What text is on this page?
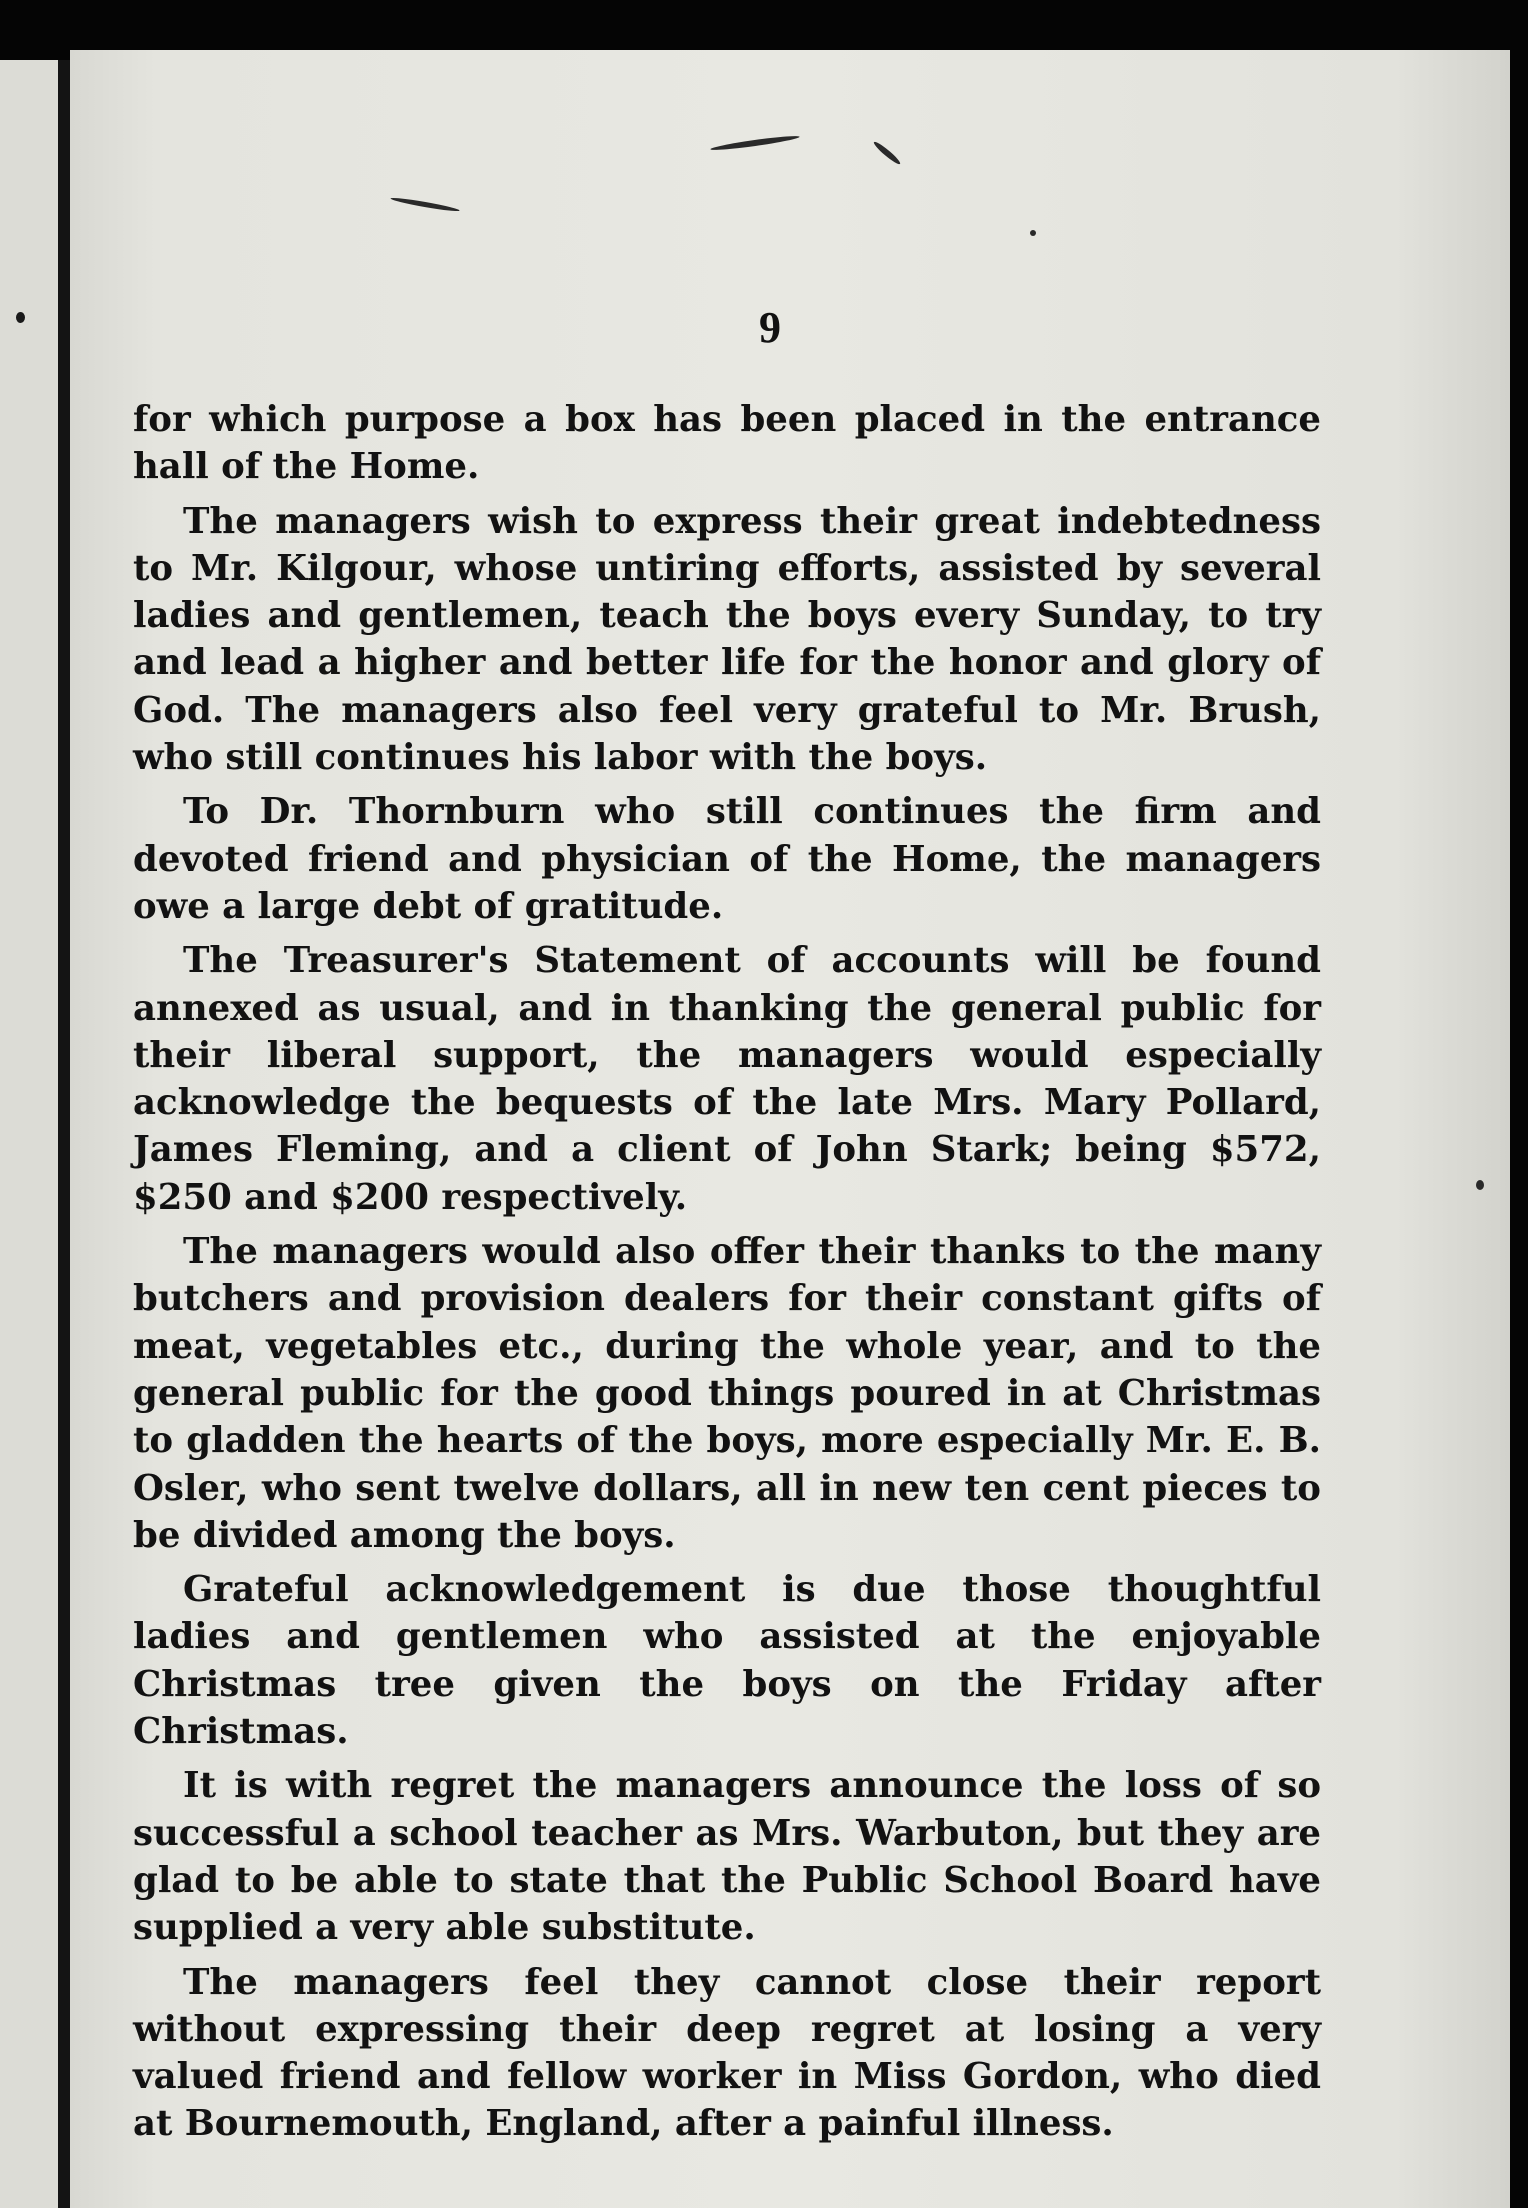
9

for which purpose a box has been placed in the entrance hall of the Home.

The managers wish to express their great indebtedness to Mr. Kilgour, whose untiring efforts, assisted by several ladies and gentlemen, teach the boys every Sunday, to try and lead a higher and better life for the honor and glory of God. The managers also feel very grateful to Mr. Brush, who still continues his labor with the boys.

To Dr. Thornburn who still continues the firm and devoted friend and physician of the Home, the managers owe a large debt of gratitude.

The Treasurer's Statement of accounts will be found annexed as usual, and in thanking the general public for their liberal support, the managers would especially acknowledge the bequests of the late Mrs. Mary Pollard, James Fleming, and a client of John Stark; being $572, $250 and $200 respectively.

The managers would also offer their thanks to the many butchers and provision dealers for their constant gifts of meat, vegetables etc., during the whole year, and to the general public for the good things poured in at Christmas to gladden the hearts of the boys, more especially Mr. E. B. Osler, who sent twelve dollars, all in new ten cent pieces to be divided among the boys.

Grateful acknowledgement is due those thoughtful ladies and gentlemen who assisted at the enjoyable Christmas tree given the boys on the Friday after Christmas.

It is with regret the managers announce the loss of so successful a school teacher as Mrs. Warbuton, but they are glad to be able to state that the Public School Board have supplied a very able substitute.

The managers feel they cannot close their report without expressing their deep regret at losing a very valued friend and fellow worker in Miss Gordon, who died at Bournemouth, England, after a painful illness.
